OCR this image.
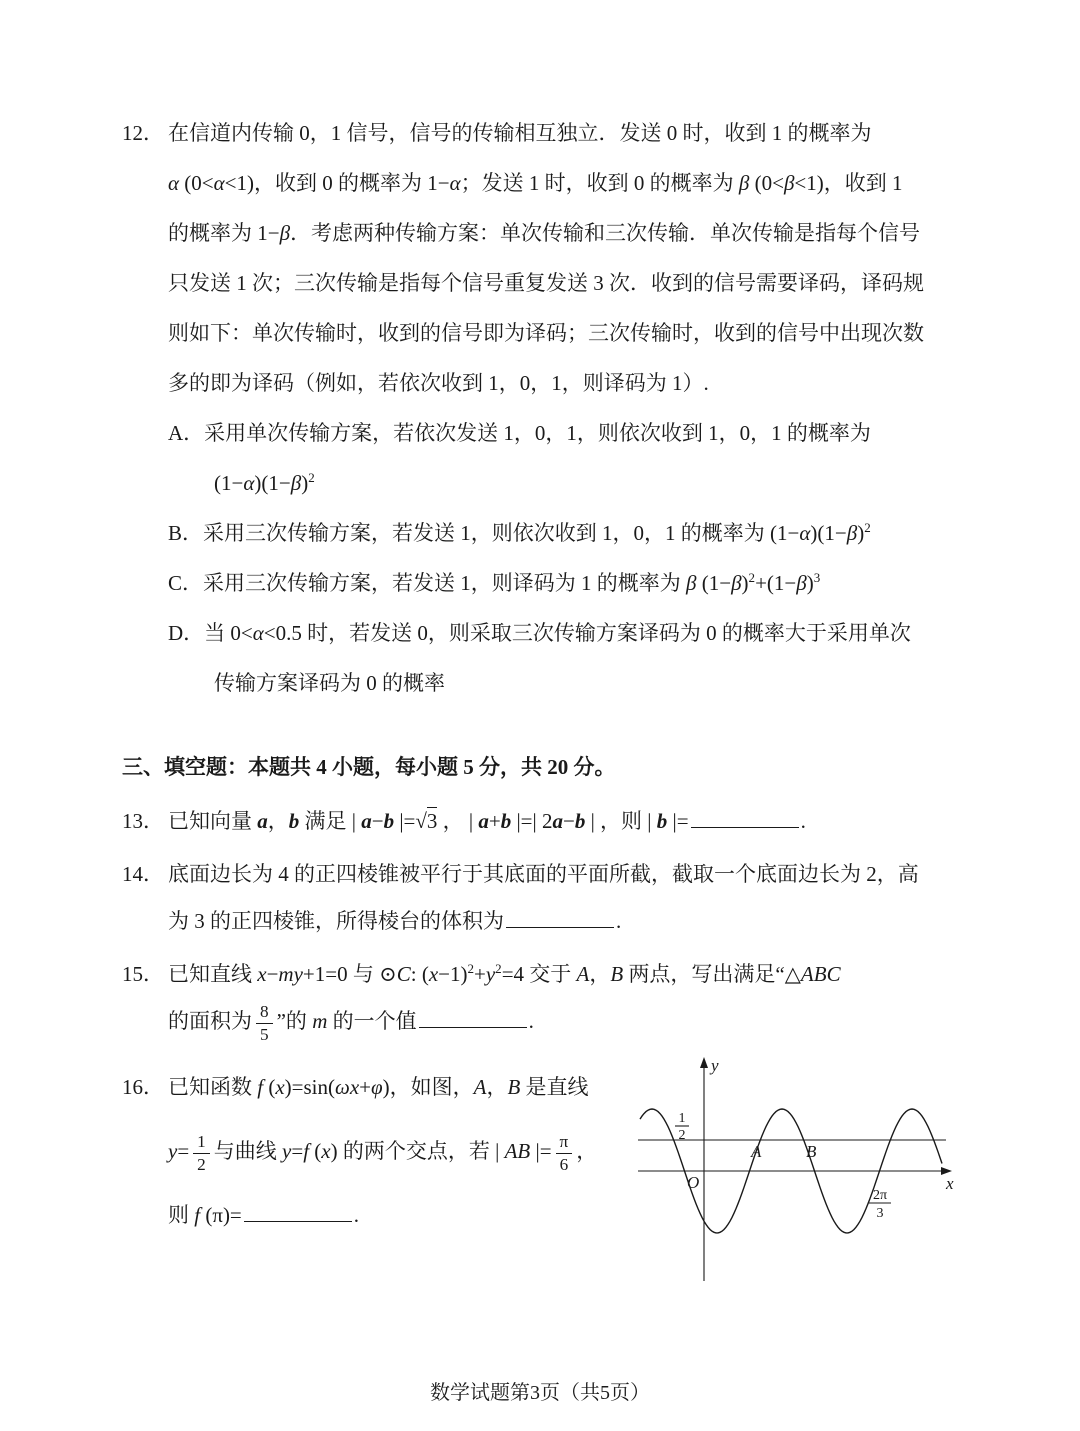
12． 在信道内传输 0，1 信号，信号的传输相互独立．发送 0 时，收到 1 的概率为
α (0<α<1)，收到 0 的概率为 1−α；发送 1 时，收到 0 的概率为 β (0<β<1)，收到 1
的概率为 1−β．考虑两种传输方案：单次传输和三次传输．单次传输是指每个信号
只发送 1 次；三次传输是指每个信号重复发送 3 次．收到的信号需要译码，译码规
则如下：单次传输时，收到的信号即为译码；三次传输时，收到的信号中出现次数
多的即为译码（例如，若依次收到 1，0，1，则译码为 1）.
A．采用单次传输方案，若依次发送 1，0，1，则依次收到 1，0，1 的概率为
$(1-\alpha)(1-\beta)^2$
B．采用三次传输方案，若发送 1，则依次收到 1，0，1 的概率为 $(1-\alpha)(1-\beta)^2$
C．采用三次传输方案，若发送 1，则译码为 1 的概率为 β $(1-\beta)^2+(1-\beta)^3$
D．当 0<α<0.5 时，若发送 0，则采取三次传输方案译码为 0 的概率大于采用单次
传输方案译码为 0 的概率
三、填空题：本题共 4 小题，每小题 5 分，共 20 分。
13． 已知向量 a，b 满足 | a−b |=√3 ， | a+b |=| 2a−b | ，则 | b |=	.
14． 底面边长为 4 的正四棱锥被平行于其底面的平面所截，截取一个底面边长为 2，高
为 3 的正四棱锥，所得棱台的体积为	.
15． 已知直线 x−my+1=0 与 ⊙C: $(x-1)^2+y^2=4$ 交于 A，B 两点，写出满足“△ABC
的面积为 $\frac{8}{5}$ ”的 m 的一个值	.
y
x
O
A	B
1
2
2π
3
16． 已知函数 f (x)=sin(ωx+φ)，如图，A，B 是直线
$y= \frac{1}{2}$ 与曲线 y=f (x) 的两个交点，若 | AB |= $\frac{\pi}{6}$ ，
则 f (π)=	.
数学试题第3页（共5页）
